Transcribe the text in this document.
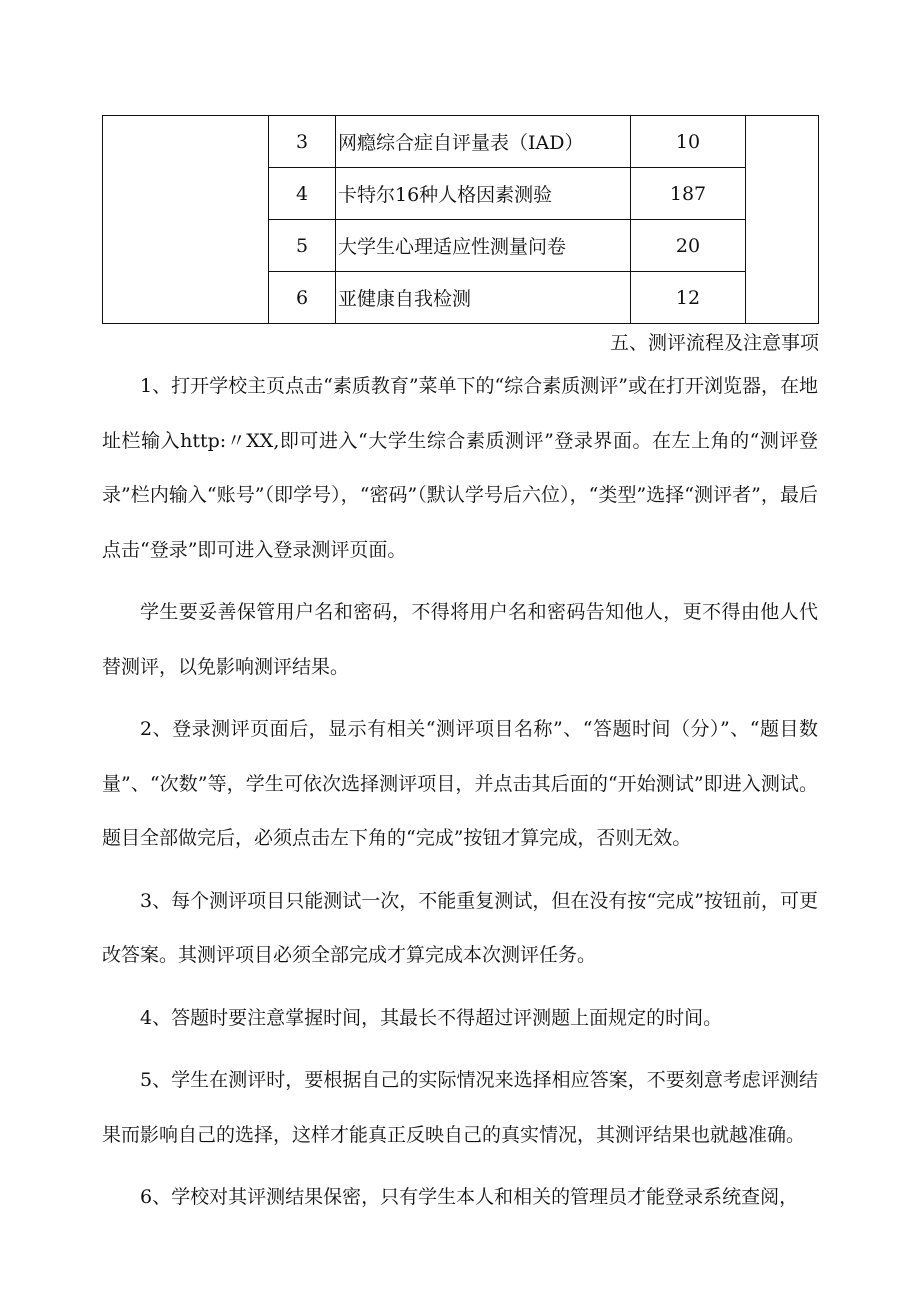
	3	网瘾综合症自评量表（IAD）	10	
	4	卡特尔16种人格因素测验	187	
	5	大学生心理适应性测量问卷	20	
	6	亚健康自我检测	12	
五、测评流程及注意事项

1、打开学校主页点击“素质教育”菜单下的“综合素质测评”或在打开浏览器，在地址栏输入http:〃XX,即可进入“大学生综合素质测评”登录界面。在左上角的“测评登录”栏内输入“账号”（即学号），“密码”（默认学号后六位），“类型”选择“测评者”，最后点击“登录”即可进入登录测评页面。

学生要妥善保管用户名和密码，不得将用户名和密码告知他人，更不得由他人代替测评，以免影响测评结果。

2、登录测评页面后，显示有相关“测评项目名称”、“答题时间（分）”、“题目数量”、“次数”等，学生可依次选择测评项目，并点击其后面的“开始测试”即进入测试。题目全部做完后，必须点击左下角的“完成”按钮才算完成，否则无效。

3、每个测评项目只能测试一次，不能重复测试，但在没有按“完成”按钮前，可更改答案。其测评项目必须全部完成才算完成本次测评任务。

4、答题时要注意掌握时间，其最长不得超过评测题上面规定的时间。

5、学生在测评时，要根据自己的实际情况来选择相应答案，不要刻意考虑评测结果而影响自己的选择，这样才能真正反映自己的真实情况，其测评结果也就越准确。

6、学校对其评测结果保密，只有学生本人和相关的管理员才能登录系统查阅，
